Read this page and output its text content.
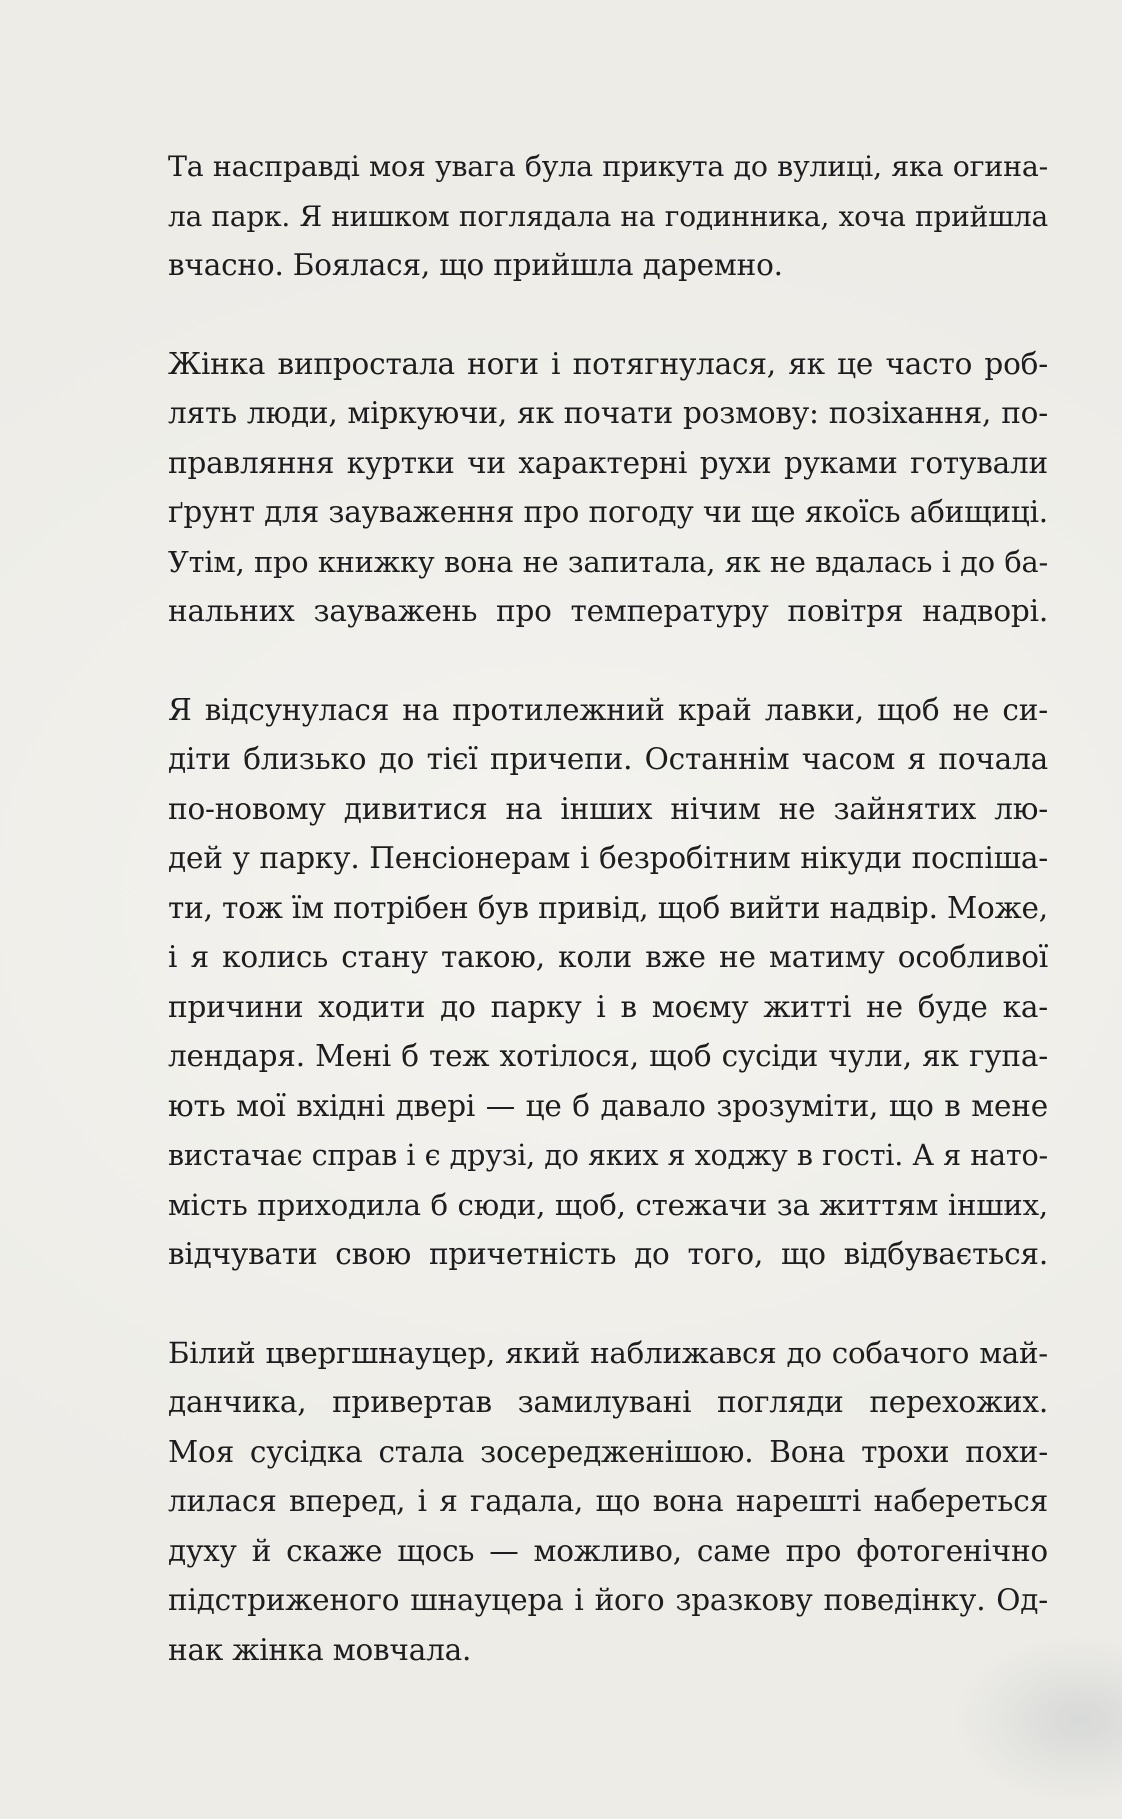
Та насправді моя увага була прикута до вулиці, яка огина-
ла парк. Я нишком поглядала на годинника, хоча прийшла
вчасно. Боялася, що прийшла даремно.
Жінка випростала ноги і потягнулася, як це часто роб-
лять люди, міркуючи, як почати розмову: позіхання, по-
правляння куртки чи характерні рухи руками готували
ґрунт для зауваження про погоду чи ще якоїсь абищиці.
Утім, про книжку вона не запитала, як не вдалась і до ба-
нальних зауважень про температуру повітря надворі.
Я відсунулася на протилежний край лавки, щоб не си-
діти близько до тієї причепи. Останнім часом я почала
по-новому дивитися на інших нічим не зайнятих лю-
дей у парку. Пенсіонерам і безробітним нікуди поспіша-
ти, тож їм потрібен був привід, щоб вийти надвір. Може,
і я колись стану такою, коли вже не матиму особливої
причини ходити до парку і в моєму житті не буде ка-
лендаря. Мені б теж хотілося, щоб сусіди чули, як гупа-
ють мої вхідні двері — це б давало зрозуміти, що в мене
вистачає справ і є друзі, до яких я ходжу в гості. А я нато-
мість приходила б сюди, щоб, стежачи за життям інших,
відчувати свою причетність до того, що відбувається.
Білий цвергшнауцер, який наближався до собачого май-
данчика, привертав замилувані погляди перехожих.
Моя сусідка стала зосередженішою. Вона трохи похи-
лилася вперед, і я гадала, що вона нарешті набереться
духу й скаже щось — можливо, саме про фотогенічно
підстриженого шнауцера і його зразкову поведінку. Од-
нак жінка мовчала.
